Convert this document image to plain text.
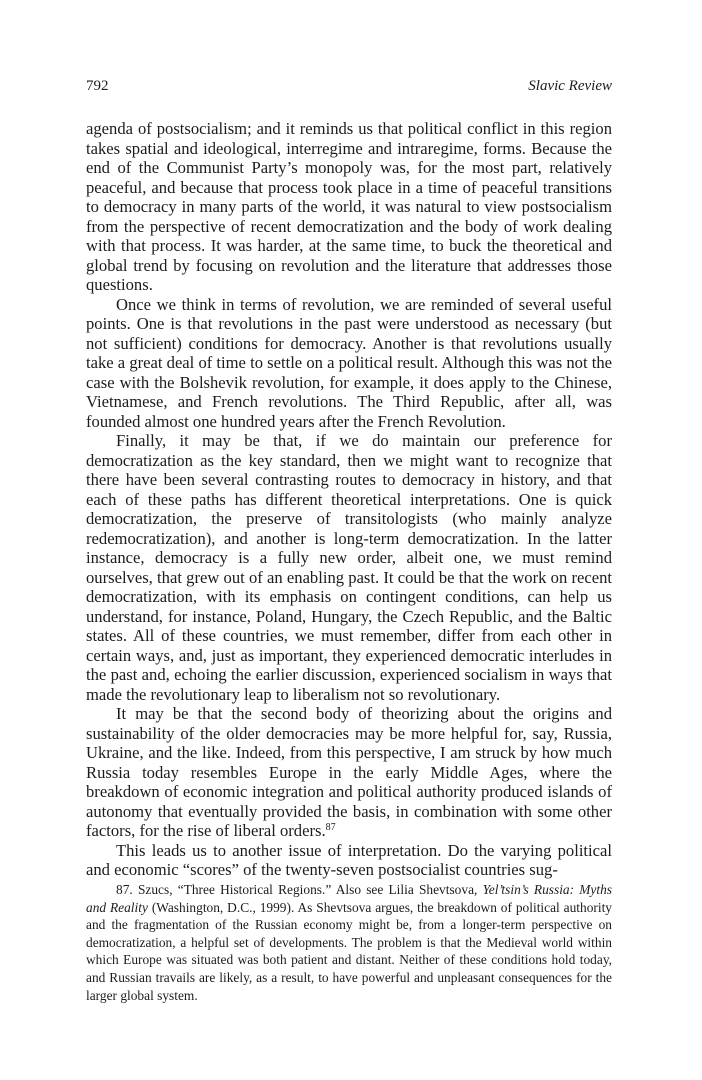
792	Slavic Review

agenda of postsocialism; and it reminds us that political conflict in this region takes spatial and ideological, interregime and intraregime, forms. Because the end of the Communist Party’s monopoly was, for the most part, relatively peaceful, and because that process took place in a time of peaceful transitions to democracy in many parts of the world, it was natural to view postsocialism from the perspective of recent democratization and the body of work dealing with that process. It was harder, at the same time, to buck the theoretical and global trend by focusing on revolution and the literature that addresses those questions.

Once we think in terms of revolution, we are reminded of several useful points. One is that revolutions in the past were understood as necessary (but not sufficient) conditions for democracy. Another is that revolutions usually take a great deal of time to settle on a political result. Although this was not the case with the Bolshevik revolution, for example, it does apply to the Chinese, Vietnamese, and French revolutions. The Third Republic, after all, was founded almost one hundred years after the French Revolution.

Finally, it may be that, if we do maintain our preference for democratization as the key standard, then we might want to recognize that there have been several contrasting routes to democracy in history, and that each of these paths has different theoretical interpretations. One is quick democratization, the preserve of transitologists (who mainly analyze redemocratization), and another is long-term democratization. In the latter instance, democracy is a fully new order, albeit one, we must remind ourselves, that grew out of an enabling past. It could be that the work on recent democratization, with its emphasis on contingent conditions, can help us understand, for instance, Poland, Hungary, the Czech Republic, and the Baltic states. All of these countries, we must remember, differ from each other in certain ways, and, just as important, they experienced democratic interludes in the past and, echoing the earlier discussion, experienced socialism in ways that made the revolutionary leap to liberalism not so revolutionary.

It may be that the second body of theorizing about the origins and sustainability of the older democracies may be more helpful for, say, Russia, Ukraine, and the like. Indeed, from this perspective, I am struck by how much Russia today resembles Europe in the early Middle Ages, where the breakdown of economic integration and political authority produced islands of autonomy that eventually provided the basis, in combination with some other factors, for the rise of liberal orders.$^{87}$

This leads us to another issue of interpretation. Do the varying political and economic “scores” of the twenty-seven postsocialist countries sug-

87. Szucs, “Three Historical Regions.” Also see Lilia Shevtsova, Yel’tsin’s Russia: Myths and Reality (Washington, D.C., 1999). As Shevtsova argues, the breakdown of political authority and the fragmentation of the Russian economy might be, from a longer-term perspective on democratization, a helpful set of developments. The problem is that the Medieval world within which Europe was situated was both patient and distant. Neither of these conditions hold today, and Russian travails are likely, as a result, to have powerful and unpleasant consequences for the larger global system.
